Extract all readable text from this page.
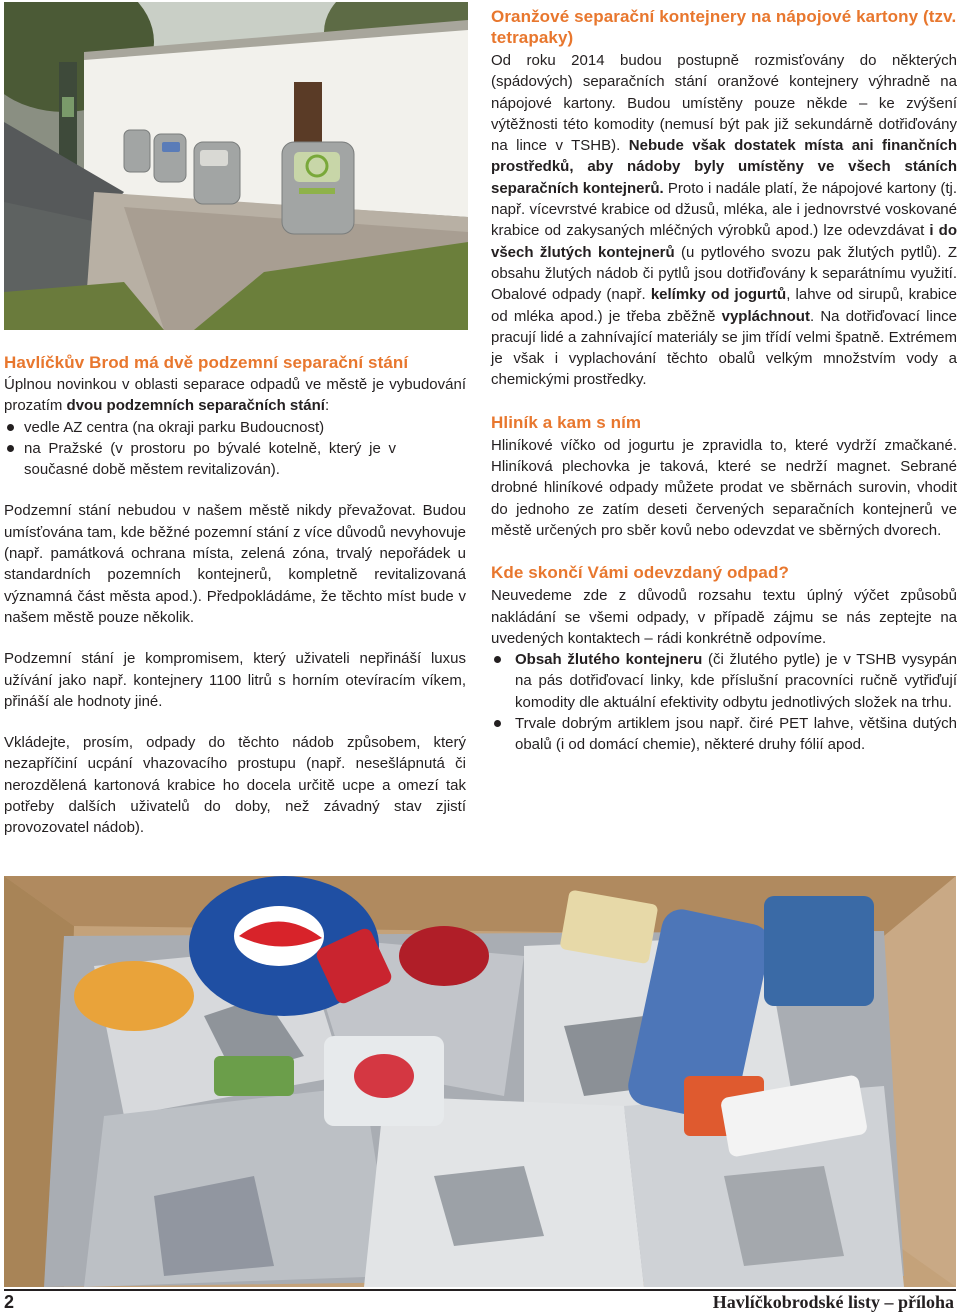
Havlíčkův Brod má dvě podzemní separační stání

Úplnou novinkou v oblasti separace odpadů ve městě je vybudování prozatím dvou podzemních separačních stání:

vedle AZ centra (na okraji parku Budoucnost)
na Pražské (v prostoru po bývalé kotelně, který je v současné době městem revitalizován).

Podzemní stání nebudou v našem městě nikdy převažovat. Budou umísťována tam, kde běžné pozemní stání z více důvodů nevyhovuje (např. památková ochrana místa, zelená zóna, trvalý nepořádek u standardních pozemních kontejnerů, kompletně revitalizovaná významná část města apod.). Předpokládáme, že těchto míst bude v našem městě pouze několik.

Podzemní stání je kompromisem, který uživateli nepřináší luxus užívání jako např. kontejnery 1100 litrů s horním otevíracím víkem, přináší ale hodnoty jiné.

Vkládejte, prosím, odpady do těchto nádob způsobem, který nezapříčiní ucpání vhazovacího prostupu (např. nesešlápnutá či nerozdělená kartonová krabice ho docela určitě ucpe a omezí tak potřeby dalších uživatelů do doby, než závadný stav zjistí provozovatel nádob).

Oranžové separační kontejnery na nápojové kartony (tzv. tetrapaky)

Od roku 2014 budou postupně rozmisťovány do některých (spádových) separačních stání oranžové kontejnery výhradně na nápojové kartony. Budou umístěny pouze někde – ke zvýšení výtěžnosti této komodity (nemusí být pak již sekundárně dotřiďovány na lince v TSHB). Nebude však dostatek místa ani finančních prostředků, aby nádoby byly umístěny ve všech stáních separačních kontejnerů. Proto i nadále platí, že nápojové kartony (tj. např. vícevrstvé krabice od džusů, mléka, ale i jednovrstvé voskované krabice od zakysaných mléčných výrobků apod.) lze odevzdávat i do všech žlutých kontejnerů (u pytlového svozu pak žlutých pytlů). Z obsahu žlutých nádob či pytlů jsou dotřiďovány k separátnímu využití. Obalové odpady (např. kelímky od jogurtů, lahve od sirupů, krabice od mléka apod.) je třeba zběžně vypláchnout. Na dotřiďovací lince pracují lidé a zahnívající materiály se jim třídí velmi špatně. Extrémem je však i vyplachování těchto obalů velkým množstvím vody a chemickými prostředky.

Hliník a kam s ním

Hliníkové víčko od jogurtu je zpravidla to, které vydrží zmačkané. Hliníková plechovka je taková, které se nedrží magnet. Sebrané drobné hliníkové odpady můžete prodat ve sběrnách surovin, vhodit do jednoho ze zatím deseti červených separačních kontejnerů ve městě určených pro sběr kovů nebo odevzdat ve sběrných dvorech.

Kde skončí Vámi odevzdaný odpad?

Neuvedeme zde z důvodů rozsahu textu úplný výčet způsobů nakládání se všemi odpady, v případě zájmu se nás zeptejte na uvedených kontaktech – rádi konkrétně odpovíme.

Obsah žlutého kontejneru (či žlutého pytle) je v TSHB vysypán na pás dotřiďovací linky, kde příslušní pracovníci ručně vytřiďují komodity dle aktuální efektivity odbytu jednotlivých složek na trhu.
Trvale dobrým artiklem jsou např. čiré PET lahve, většina dutých obalů (i od domácí chemie), některé druhy fólií apod.
2	Havlíčkobrodské listy – příloha
